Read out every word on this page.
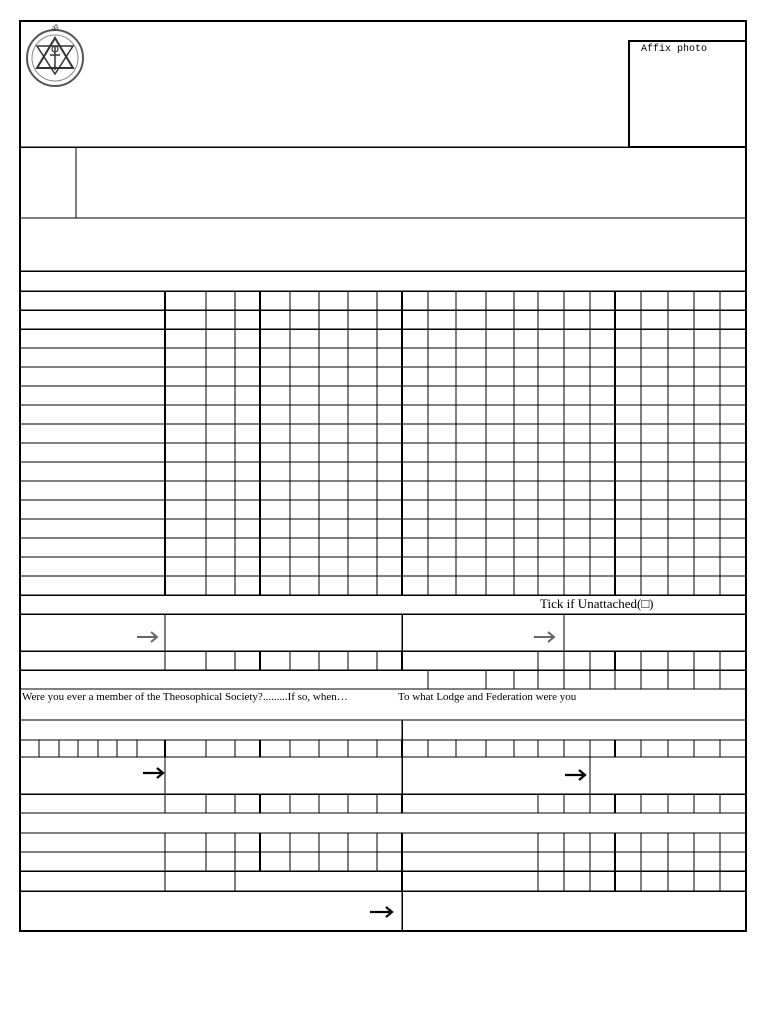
ॐ
Affix photo
Tick if Unattached(□)
Were you ever a member of the Theosophical Society?.........If so, when…	To what Lodge and Federation were you
